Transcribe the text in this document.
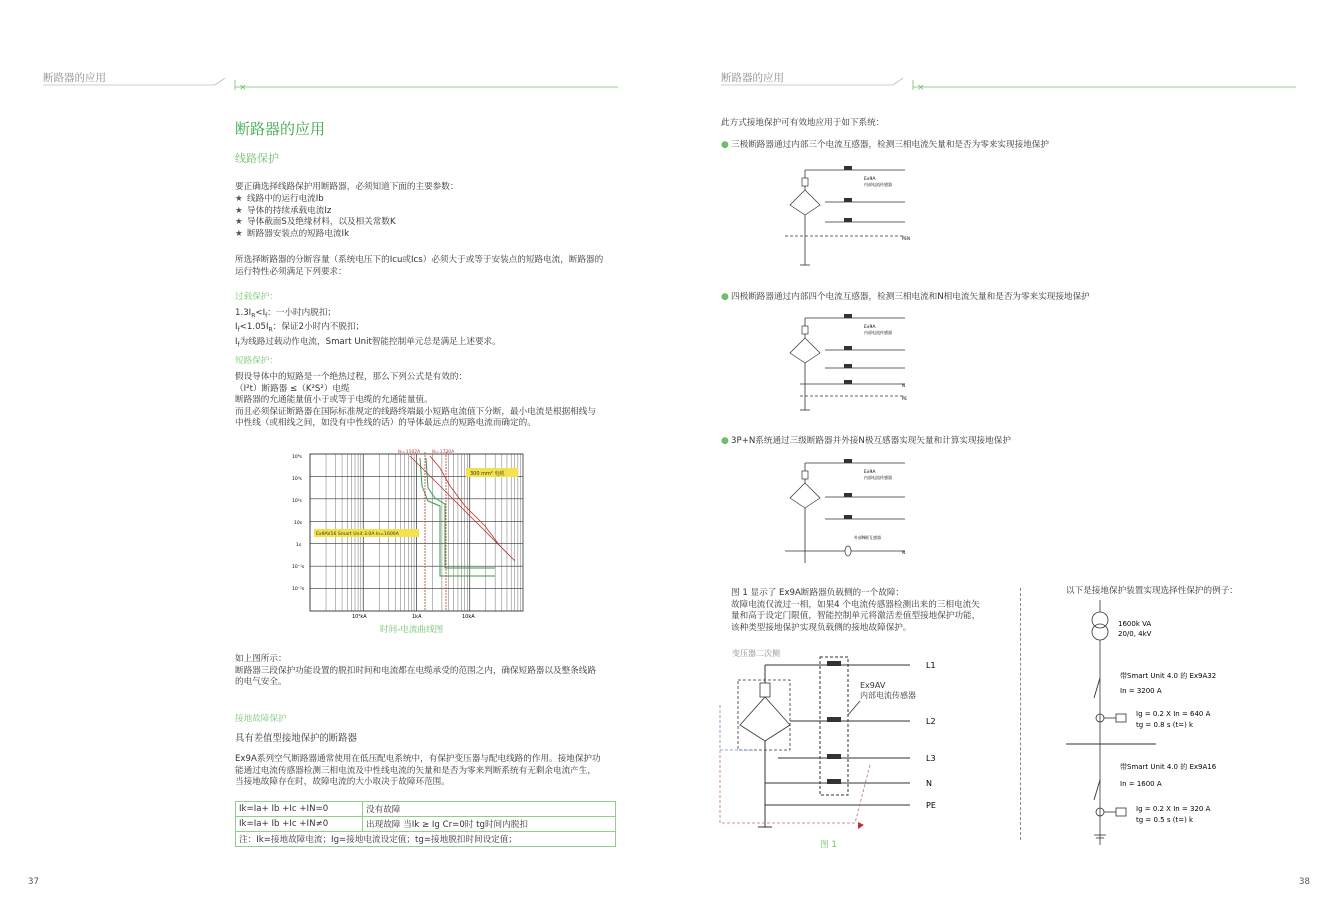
断路器的应用
×
断路器的应用
线路保护
要正确选择线路保护用断路器，必须知道下面的主要参数：
★ 线路中的运行电流Ib
★ 导体的持续承载电流Iz
★ 导体截面S及绝缘材料，以及相关常数K
★ 断路器安装点的短路电流Ik
所选择断路器的分断容量（系统电压下的Icu或Ics）必须大于或等于安装点的短路电流，断路器的
运行特性必须满足下列要求：
过载保护：
$1.3I_R<I_f$：一小时内脱扣；
$I_f<1.05I_R$：保证2小时内不脱扣；
$I_f$为线路过载动作电流，Smart Unit智能控制单元总是满足上述要求。
短路保护：
假设导体中的短路是一个绝热过程，那么下列公式是有效的：
（I²t）断路器 ≤（K²S²）电缆
断路器的允通能量值小于或等于电缆的允通能量值。
而且必须保证断路器在国际标准规定的线路终端最小短路电流值下分断，最小电流是根据相线与
中性线（或相线之间，如没有中性线的话）的导体最远点的短路电流而确定的。
10⁴s
10³s
10²s
10s
1s
10⁻¹s
10⁻²s
10²kA	1kA	10kA
Ik=1102A	Ik=1730A
300 mm² 电缆
Ex9AV16 Smart Unit 3.0A In=1600A
时间-电流曲线图
如上图所示：
断路器三段保护功能设置的脱扣时间和电流都在电缆承受的范围之内，确保短路器以及整条线路
的电气安全。
接地故障保护
具有差值型接地保护的断路器
Ex9A系列空气断路器通常使用在低压配电系统中，有保护变压器与配电线路的作用。接地保护功
能通过电流传感器检测三相电流及中性线电流的矢量和是否为零来判断系统有无剩余电流产生，
当接地故障存在时，故障电流的大小取决于故障环范围。
Ik=Ia+ Ib +Ic +IN=0	没有故障
Ik=Ia+ Ib +Ic +IN≠0	出现故障 当Ik ≥ Ig Cr=0时 tg时间内脱扣
注：Ik=接地故障电流；Ig=接地电流设定值；tg=接地脱扣时间设定值；	
37
断路器的应用
×
此方式接地保护可有效地应用于如下系统：
● 三极断路器通过内部三个电流互感器，检测三相电流矢量和是否为零来实现接地保护
Ex9A
内部电流传感器
PEN
● 四极断路器通过内部四个电流互感器，检测三相电流和N相电流矢量和是否为零来实现接地保护
Ex9A
内部电流传感器
N
PE
● 3P+N系统通过三级断路器并外接N极互感器实现矢量和计算实现接地保护
Ex9A
内部电流传感器
外部N极互感器
N
图 1 显示了 Ex9A断路器负载侧的一个故障：
故障电流仅流过一相，如果4 个电流传感器检测出来的三相电流矢
量和高于设定门限值，智能控制单元将激活差值型接地保护功能，
该种类型接地保护实现负载侧的接地故障保护。
变压器二次侧
Ex9AV
内部电流传感器
L1
L2
L3
N
PE
图 1
以下是接地保护装置实现选择性保护的例子：
1600k VA
20/0, 4kV
带Smart Unit 4.0 的 Ex9A32
In = 3200 A
Ig = 0.2 X In = 640 A
tg = 0.8 s (t=) k
带Smart Unit 4.0 的 Ex9A16
In = 1600 A
Ig = 0.2 X In = 320 A
tg = 0.5 s (t=) k
38
